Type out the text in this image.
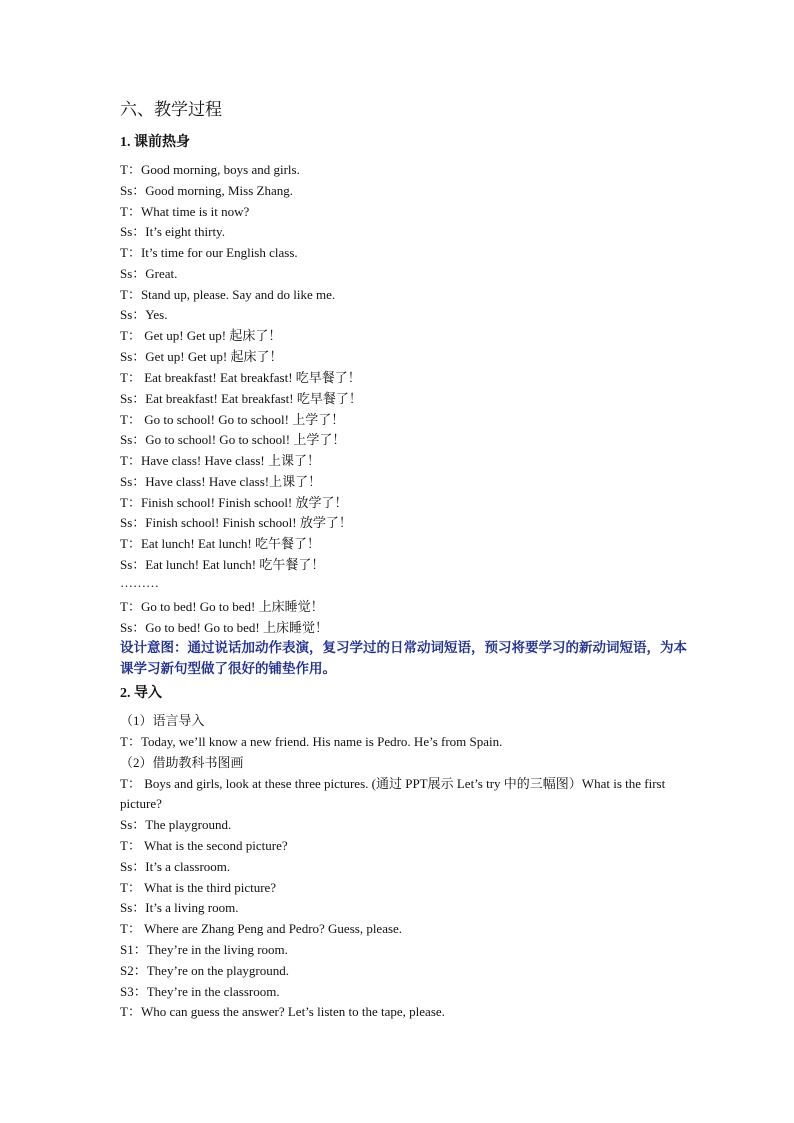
六、教学过程
1. 课前热身
T：Good morning, boys and girls.
Ss：Good morning, Miss Zhang.
T：What time is it now?
Ss：It’s eight thirty.
T：It’s time for our English class.
Ss：Great.
T：Stand up, please. Say and do like me.
Ss：Yes.
T： Get up! Get up! 起床了！
Ss：Get up! Get up! 起床了！
T： Eat breakfast! Eat breakfast! 吃早餐了！
Ss：Eat breakfast! Eat breakfast! 吃早餐了！
T： Go to school! Go to school! 上学了！
Ss：Go to school! Go to school! 上学了！
T：Have class! Have class! 上课了！
Ss：Have class! Have class!上课了！
T：Finish school! Finish school! 放学了！
Ss：Finish school! Finish school! 放学了！
T：Eat lunch! Eat lunch! 吃午餐了！
Ss：Eat lunch! Eat lunch! 吃午餐了！
………
T：Go to bed! Go to bed! 上床睡觉！
Ss：Go to bed! Go to bed! 上床睡觉！
设计意图：通过说话加动作表演，复习学过的日常动词短语，预习将要学习的新动词短语，为本课学习新句型做了很好的铺垫作用。
2. 导入
（1）语言导入
T：Today, we’ll know a new friend. His name is Pedro. He’s from Spain.
（2）借助教科书图画
T： Boys and girls, look at these three pictures. (通过 PPT展示 Let’s try 中的三幅图）What is the first picture?
Ss：The playground.
T： What is the second picture?
Ss：It’s a classroom.
T： What is the third picture?
Ss：It’s a living room.
T： Where are Zhang Peng and Pedro? Guess, please.
S1：They’re in the living room.
S2：They’re on the playground.
S3：They’re in the classroom.
T：Who can guess the answer? Let’s listen to the tape, please.
